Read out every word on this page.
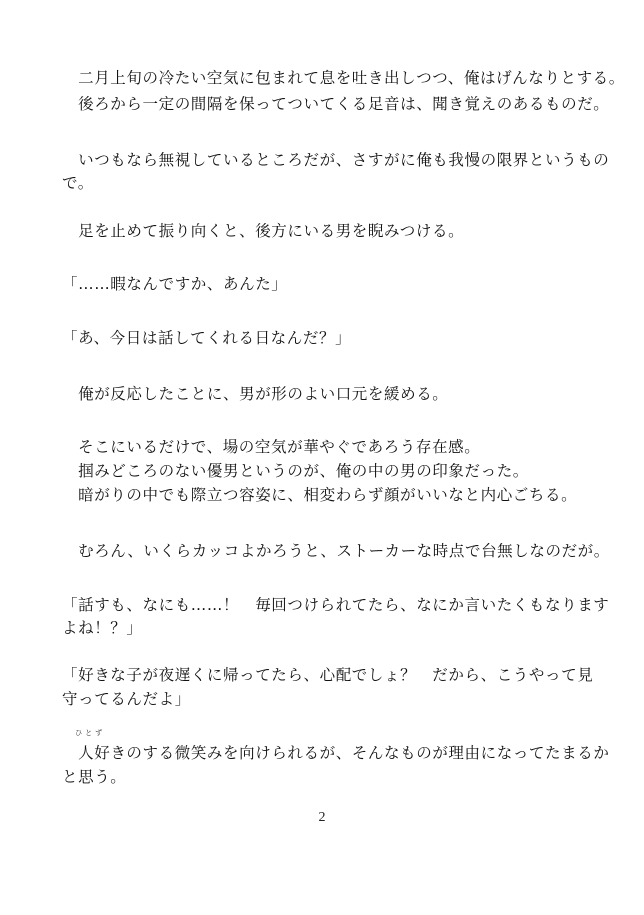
　二月上旬の冷たい空気に包まれて息を吐き出しつつ、俺はげんなりとする。
　後ろから一定の間隔を保ってついてくる足音は、聞き覚えのあるものだ。
　いつもなら無視しているところだが、さすがに俺も我慢の限界というもの
で。
　足を止めて振り向くと、後方にいる男を睨みつける。
「……暇なんですか、あんた」
「あ、今日は話してくれる日なんだ？」
　俺が反応したことに、男が形のよい口元を緩める。
　そこにいるだけで、場の空気が華やぐであろう存在感。
　掴みどころのない優男というのが、俺の中の男の印象だった。
　暗がりの中でも際立つ容姿に、相変わらず顔がいいなと内心ごちる。
　むろん、いくらカッコよかろうと、ストーカーな時点で台無しなのだが。
「話すも、なにも……！　毎回つけられてたら、なにか言いたくもなります
よね！？」
「好きな子が夜遅くに帰ってたら、心配でしょ？　だから、こうやって見
守ってるんだよ」

ひとず
人好きのする微笑みを向けられるが、そんなものが理由になってたまるか
と思う。
2
